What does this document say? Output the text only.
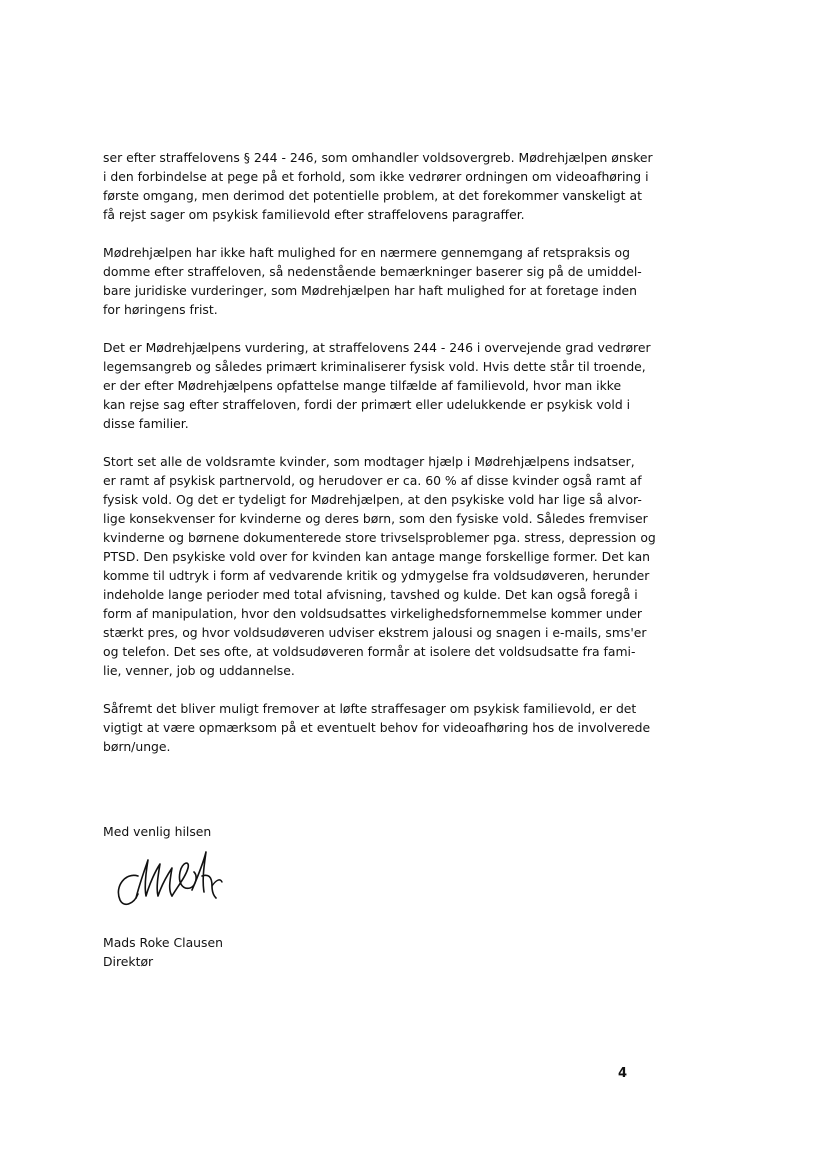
ser efter straffelovens § 244 - 246, som omhandler voldsovergreb. Mødrehjælpen ønsker
i den forbindelse at pege på et forhold, som ikke vedrører ordningen om videoafhøring i
første omgang, men derimod det potentielle problem, at det forekommer vanskeligt at
få rejst sager om psykisk familievold efter straffelovens paragraffer.

Mødrehjælpen har ikke haft mulighed for en nærmere gennemgang af retspraksis og
domme efter straffeloven, så nedenstående bemærkninger baserer sig på de umiddel-
bare juridiske vurderinger, som Mødrehjælpen har haft mulighed for at foretage inden
for høringens frist.

Det er Mødrehjælpens vurdering, at straffelovens 244 - 246 i overvejende grad vedrører
legemsangreb og således primært kriminaliserer fysisk vold. Hvis dette står til troende,
er der efter Mødrehjælpens opfattelse mange tilfælde af familievold, hvor man ikke
kan rejse sag efter straffeloven, fordi der primært eller udelukkende er psykisk vold i
disse familier.

Stort set alle de voldsramte kvinder, som modtager hjælp i Mødrehjælpens indsatser,
er ramt af psykisk partnervold, og herudover er ca. 60 % af disse kvinder også ramt af
fysisk vold. Og det er tydeligt for Mødrehjælpen, at den psykiske vold har lige så alvor-
lige konsekvenser for kvinderne og deres børn, som den fysiske vold. Således fremviser
kvinderne og børnene dokumenterede store trivselsproblemer pga. stress, depression og
PTSD. Den psykiske vold over for kvinden kan antage mange forskellige former. Det kan
komme til udtryk i form af vedvarende kritik og ydmygelse fra voldsudøveren, herunder
indeholde lange perioder med total afvisning, tavshed og kulde. Det kan også foregå i
form af manipulation, hvor den voldsudsattes virkelighedsfornemmelse kommer under
stærkt pres, og hvor voldsudøveren udviser ekstrem jalousi og snagen i e-mails, sms'er
og telefon. Det ses ofte, at voldsudøveren formår at isolere det voldsudsatte fra fami-
lie, venner, job og uddannelse.

Såfremt det bliver muligt fremover at løfte straffesager om psykisk familievold, er det
vigtigt at være opmærksom på et eventuelt behov for videoafhøring hos de involverede
børn/unge.

Med venlig hilsen

Mads Roke Clausen
Direktør
4
